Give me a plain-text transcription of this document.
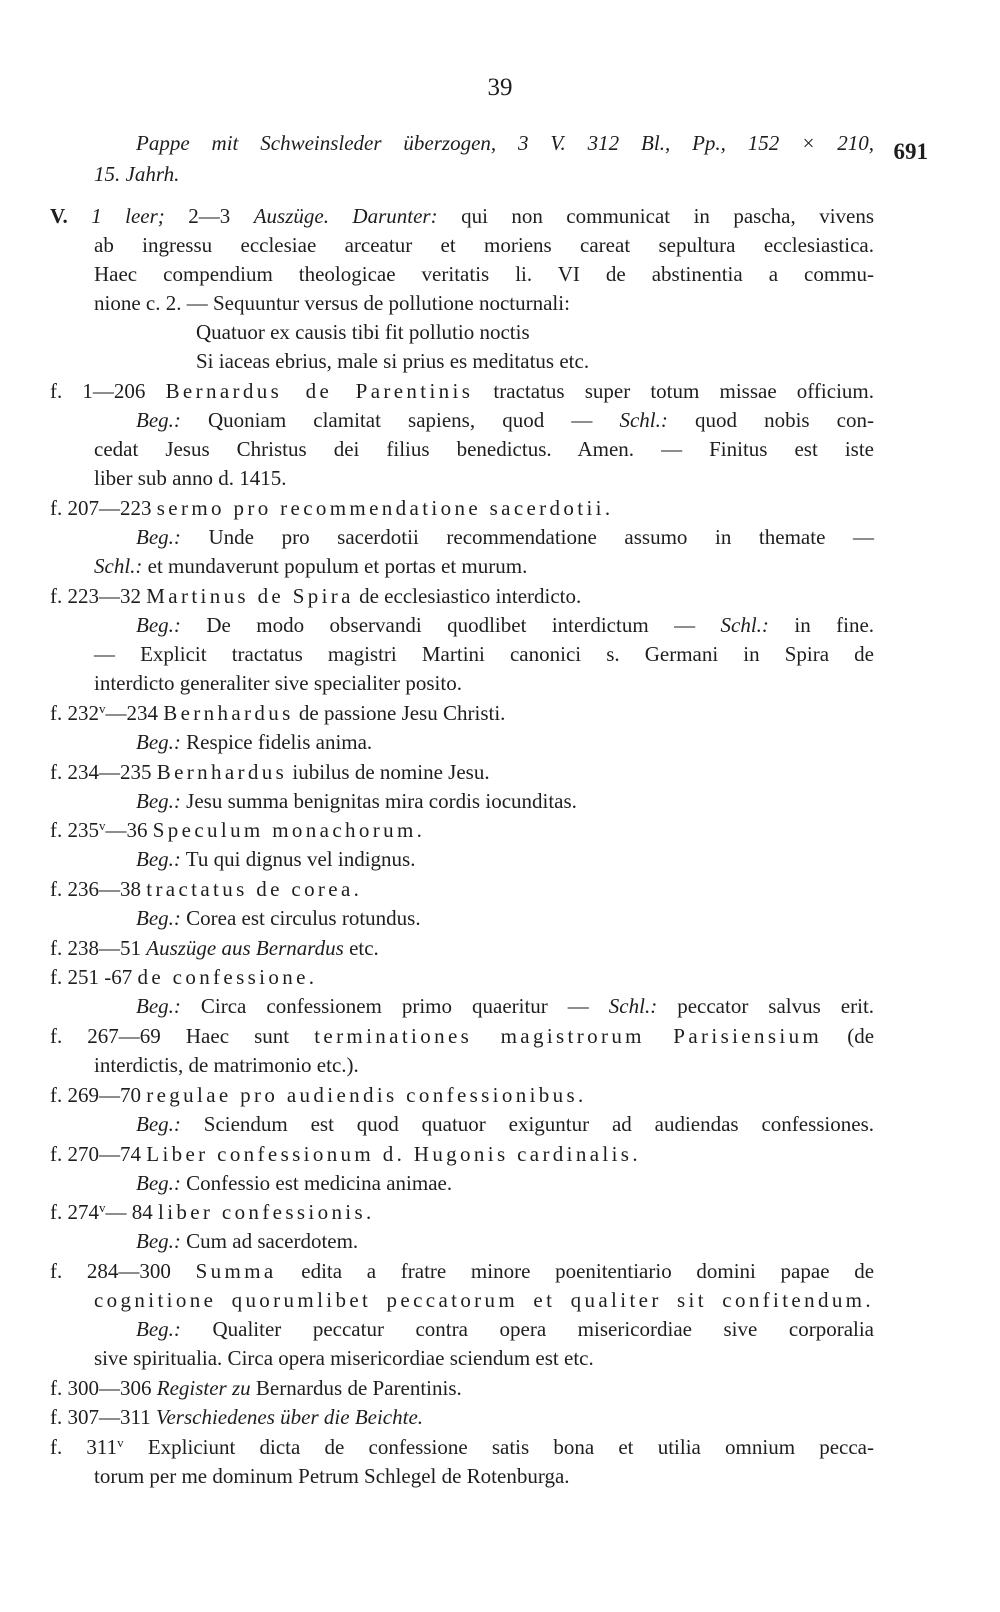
39
691
Pappe mit Schweinsleder überzogen, 3 V. 312 Bl., Pp., 152 × 210,
15. Jahrh.
V. 1 leer; 2—3 Auszüge. Darunter: qui non communicat in pascha, vivens
ab ingressu ecclesiae arceatur et moriens careat sepultura ecclesiastica.
Haec compendium theologicae veritatis li. VI de abstinentia a commu-
nione c. 2. — Sequuntur versus de pollutione nocturnali:
Quatuor ex causis tibi fit pollutio noctis
Si iaceas ebrius, male si prius es meditatus etc.
f. 1—206 Bernardus de Parentinis tractatus super totum missae officium.
Beg.: Quoniam clamitat sapiens, quod — Schl.: quod nobis con-
cedat Jesus Christus dei filius benedictus. Amen. — Finitus est iste
liber sub anno d. 1415.
f. 207—223 sermo pro recommendatione sacerdotii.
Beg.: Unde pro sacerdotii recommendatione assumo in themate —
Schl.: et mundaverunt populum et portas et murum.
f. 223—32 Martinus de Spira de ecclesiastico interdicto.
Beg.: De modo observandi quodlibet interdictum — Schl.: in fine.
— Explicit tractatus magistri Martini canonici s. Germani in Spira de
interdicto generaliter sive specialiter posito.
f. 232$^v$—234 Bernhardus de passione Jesu Christi.
Beg.: Respice fidelis anima.
f. 234—235 Bernhardus iubilus de nomine Jesu.
Beg.: Jesu summa benignitas mira cordis iocunditas.
f. 235$^v$—36 Speculum monachorum.
Beg.: Tu qui dignus vel indignus.
f. 236—38 tractatus de corea.
Beg.: Corea est circulus rotundus.
f. 238—51 Auszüge aus Bernardus etc.
f. 251 -67 de confessione.
Beg.: Circa confessionem primo quaeritur — Schl.: peccator salvus erit.
f. 267—69 Haec sunt terminationes magistrorum Parisiensium (de
interdictis, de matrimonio etc.).
f. 269—70 regulae pro audiendis confessionibus.
Beg.: Sciendum est quod quatuor exiguntur ad audiendas confessiones.
f. 270—74 Liber confessionum d. Hugonis cardinalis.
Beg.: Confessio est medicina animae.
f. 274$^v$— 84 liber confessionis.
Beg.: Cum ad sacerdotem.
f. 284—300 Summa edita a fratre minore poenitentiario domini papae de
cognitione quorumlibet peccatorum et qualiter sit confitendum.
Beg.: Qualiter peccatur contra opera misericordiae sive corporalia
sive spiritualia. Circa opera misericordiae sciendum est etc.
f. 300—306 Register zu Bernardus de Parentinis.
f. 307—311 Verschiedenes über die Beichte.
f. 311$^v$ Expliciunt dicta de confessione satis bona et utilia omnium pecca-
torum per me dominum Petrum Schlegel de Rotenburga.
